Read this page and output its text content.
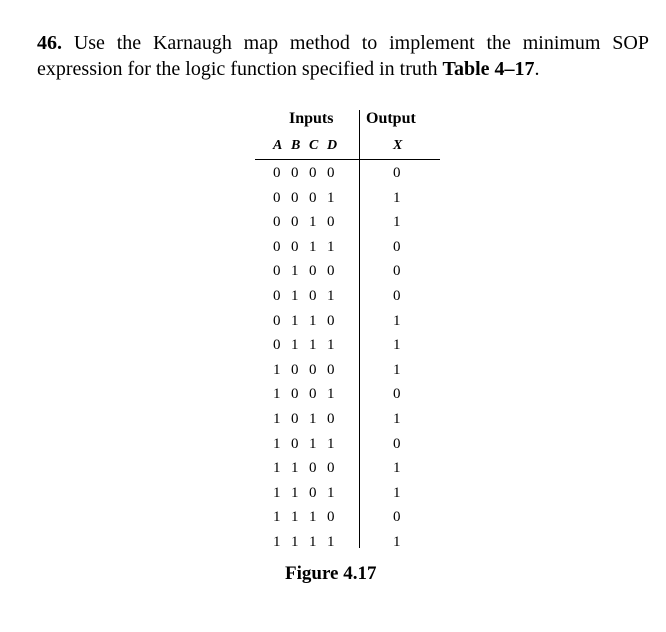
46. Use the Karnaugh map method to implement the minimum SOP expression for the logic function specified in truth Table 4–17.
Inputs Output
A B C D	X
0 0 0 0	0
0 0 0 1	1
0 0 1 0	1
0 0 1 1	0
0 1 0 0	0
0 1 0 1	0
0 1 1 0	1
0 1 1 1	1
1 0 0 0	1
1 0 0 1	0
1 0 1 0	1
1 0 1 1	0
1 1 0 0	1
1 1 0 1	1
1 1 1 0	0
1 1 1 1	1
Figure 4.17
